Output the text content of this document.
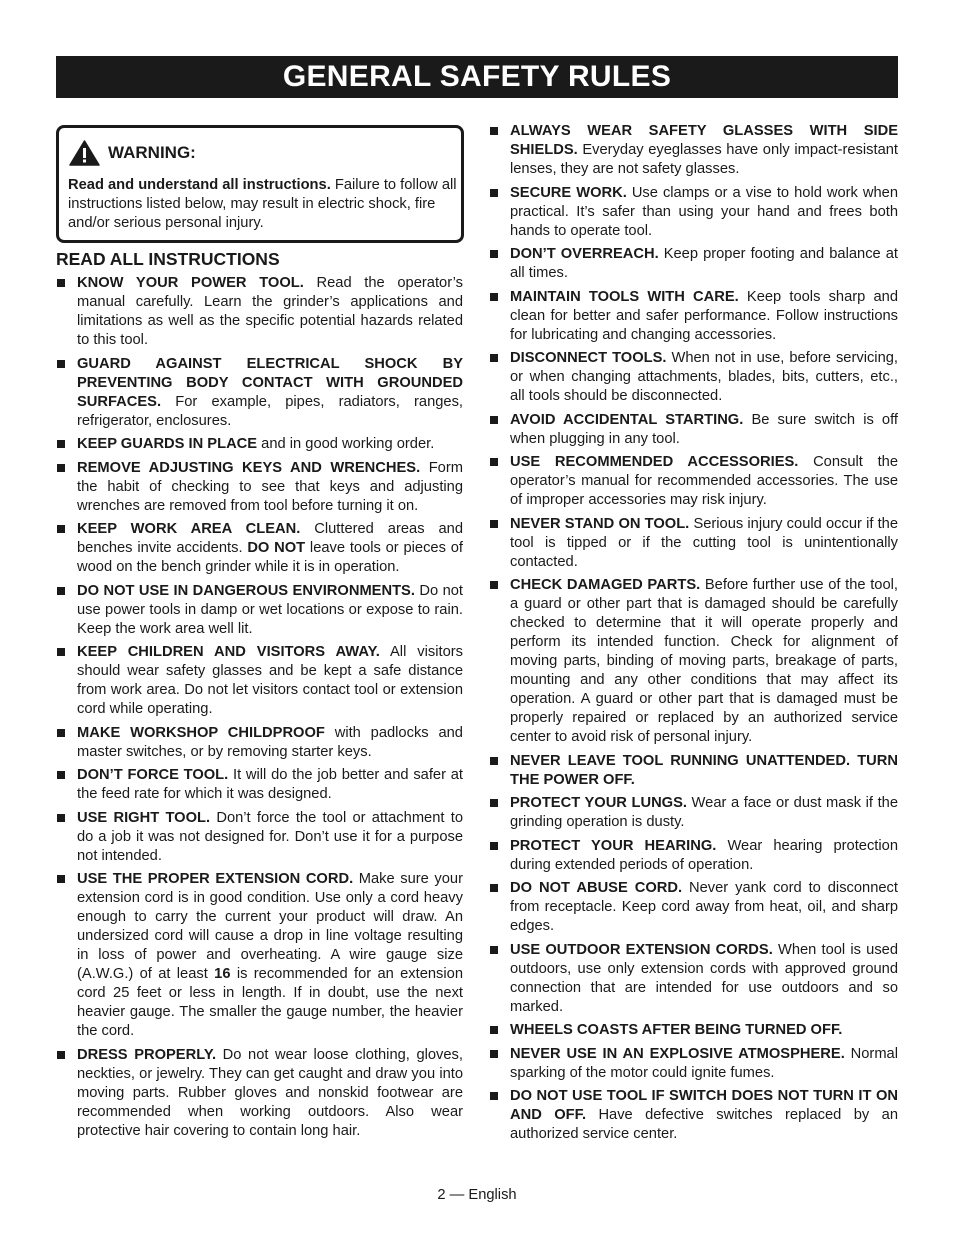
GENERAL SAFETY RULES
WARNING:
Read and understand all instructions. Failure to follow all instructions listed below, may result in electric shock, fire and/or serious personal injury.
READ ALL INSTRUCTIONS
KNOW YOUR POWER TOOL. Read the operator’s manual carefully. Learn the grinder’s applications and limitations as well as the specific potential hazards related to this tool.
GUARD AGAINST ELECTRICAL SHOCK BY PREVENTING BODY CONTACT WITH GROUNDED SURFACES. For example, pipes, radiators, ranges, refrigerator, enclosures.
KEEP GUARDS IN PLACE and in good working order.
REMOVE ADJUSTING KEYS AND WRENCHES. Form the habit of checking to see that keys and adjusting wrenches are removed from tool before turning it on.
KEEP WORK AREA CLEAN. Cluttered areas and benches invite accidents. DO NOT leave tools or pieces of wood on the bench grinder while it is in operation.
DO NOT USE IN DANGEROUS ENVIRONMENTS. Do not use power tools in damp or wet locations or expose to rain. Keep the work area well lit.
KEEP CHILDREN AND VISITORS AWAY. All visitors should wear safety glasses and be kept a safe distance from work area. Do not let visitors contact tool or extension cord while operating.
MAKE WORKSHOP CHILDPROOF with padlocks and master switches, or by removing starter keys.
DON’T FORCE TOOL. It will do the job better and safer at the feed rate for which it was designed.
USE RIGHT TOOL. Don’t force the tool or attachment to do a job it was not designed for. Don’t use it for a purpose not intended.
USE THE PROPER EXTENSION CORD. Make sure your extension cord is in good condition. Use only a cord heavy enough to carry the current your product will draw. An undersized cord will cause a drop in line voltage resulting in loss of power and overheating. A wire gauge size (A.W.G.) of at least 16 is recommended for an extension cord 25 feet or less in length. If in doubt, use the next heavier gauge. The smaller the gauge number, the heavier the cord.
DRESS PROPERLY. Do not wear loose clothing, gloves, neckties, or jewelry. They can get caught and draw you into moving parts. Rubber gloves and nonskid footwear are recommended when working outdoors. Also wear protective hair covering to contain long hair.
ALWAYS WEAR SAFETY GLASSES WITH SIDE SHIELDS. Everyday eyeglasses have only impact-resistant lenses, they are not safety glasses.
SECURE WORK. Use clamps or a vise to hold work when practical. It’s safer than using your hand and frees both hands to operate tool.
DON’T OVERREACH. Keep proper footing and balance at all times.
MAINTAIN TOOLS WITH CARE. Keep tools sharp and clean for better and safer performance. Follow instructions for lubricating and changing accessories.
DISCONNECT TOOLS. When not in use, before servicing, or when changing attachments, blades, bits, cutters, etc., all tools should be disconnected.
AVOID ACCIDENTAL STARTING. Be sure switch is off when plugging in any tool.
USE RECOMMENDED ACCESSORIES. Consult the operator’s manual for recommended accessories. The use of improper accessories may risk injury.
NEVER STAND ON TOOL. Serious injury could occur if the tool is tipped or if the cutting tool is unintentionally contacted.
CHECK DAMAGED PARTS. Before further use of the tool, a guard or other part that is damaged should be carefully checked to determine that it will operate properly and perform its intended function. Check for alignment of moving parts, binding of moving parts, breakage of parts, mounting and any other conditions that may affect its operation. A guard or other part that is damaged must be properly repaired or replaced by an authorized service center to avoid risk of personal injury.
NEVER LEAVE TOOL RUNNING UNATTENDED. TURN THE POWER OFF.
PROTECT YOUR LUNGS. Wear a face or dust mask if the grinding operation is dusty.
PROTECT YOUR HEARING. Wear hearing protection during extended periods of operation.
DO NOT ABUSE CORD. Never yank cord to disconnect from receptacle. Keep cord away from heat, oil, and sharp edges.
USE OUTDOOR EXTENSION CORDS. When tool is used outdoors, use only extension cords with approved ground connection that are intended for use outdoors and so marked.
WHEELS COASTS AFTER BEING TURNED OFF.
NEVER USE IN AN EXPLOSIVE ATMOSPHERE. Normal sparking of the motor could ignite fumes.
DO NOT USE TOOL IF SWITCH DOES NOT TURN IT ON AND OFF. Have defective switches replaced by an authorized service center.
2 — English
